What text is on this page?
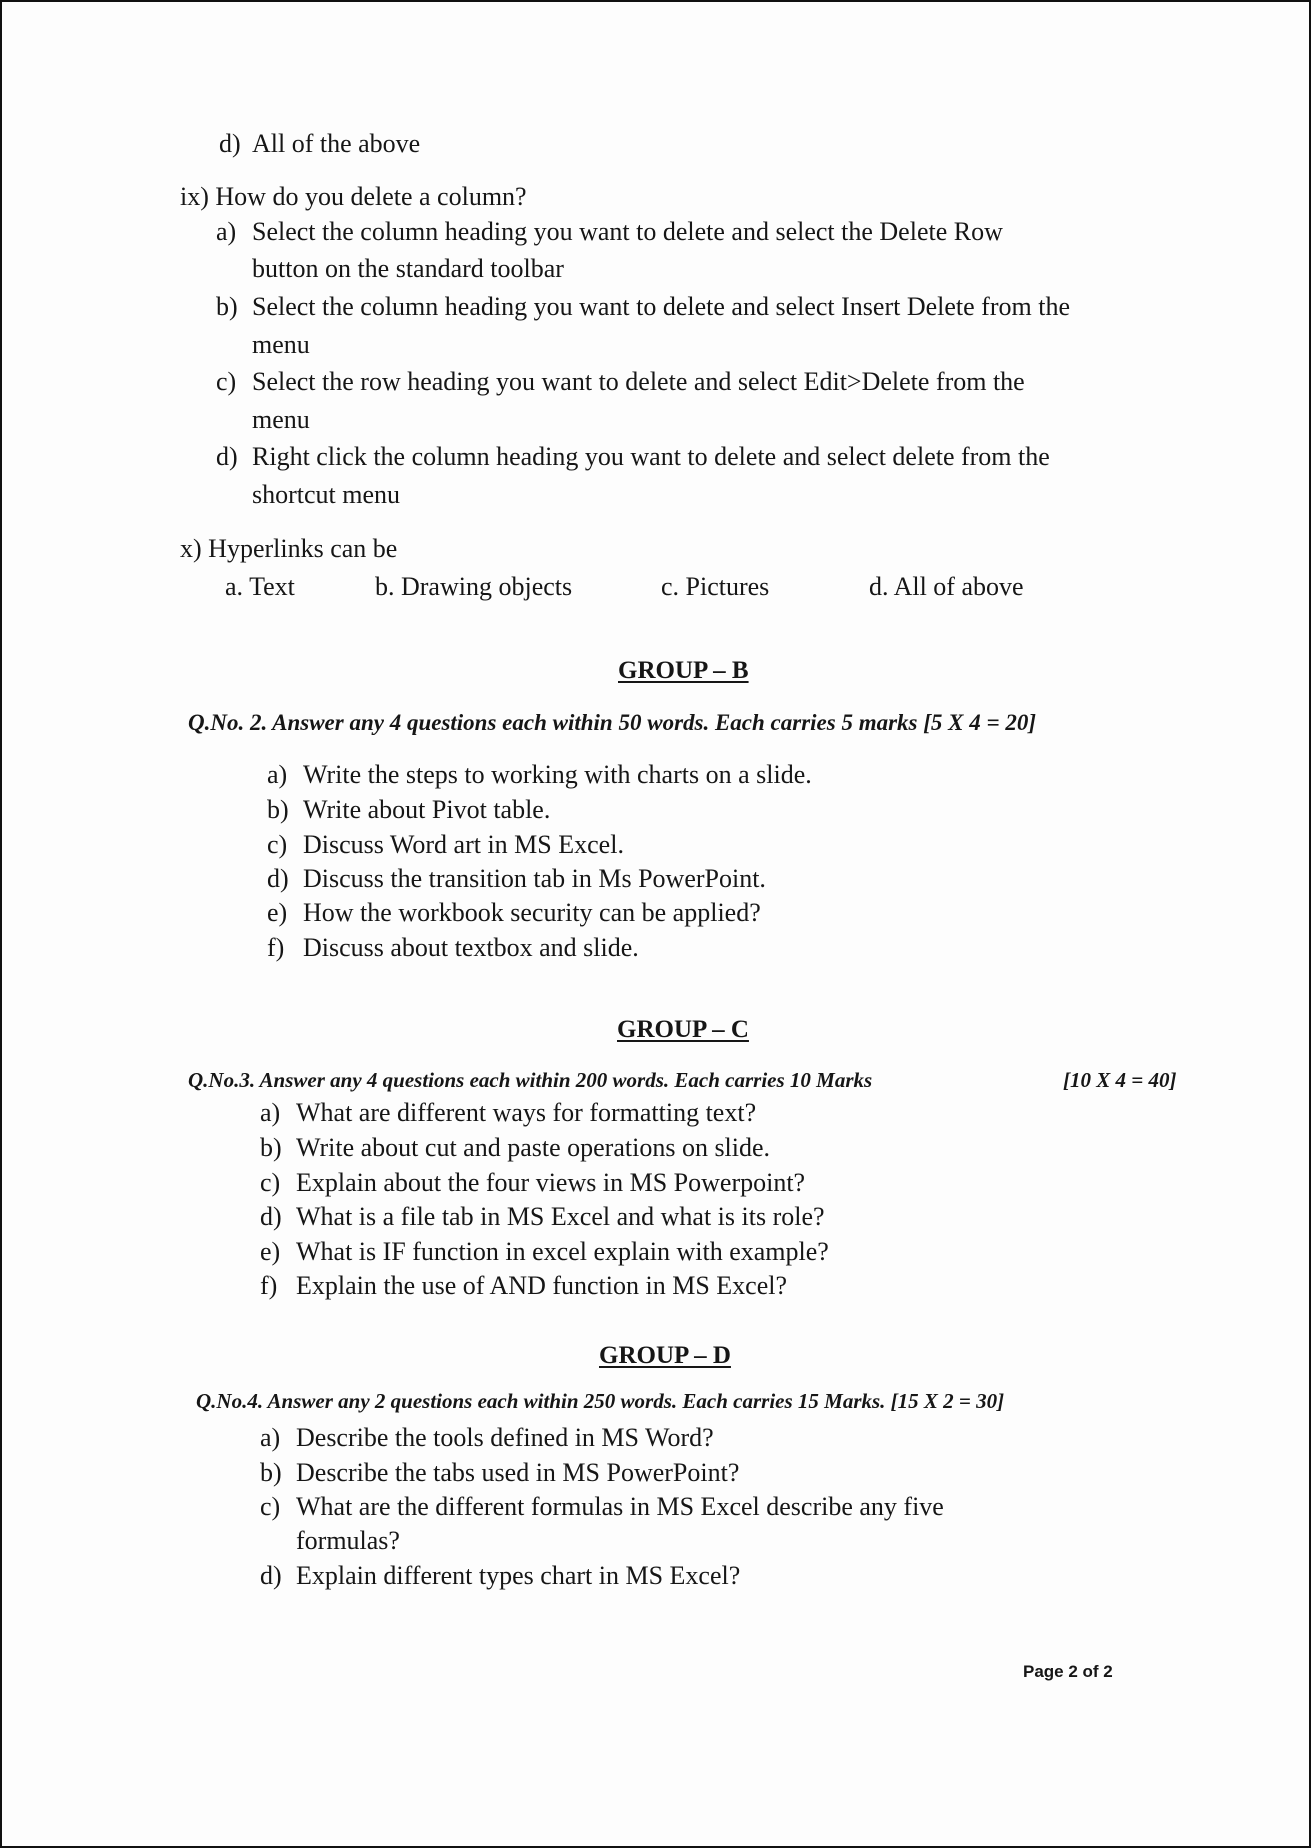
d) All of the above
ix) How do you delete a column?
a) Select the column heading you want to delete and select the Delete Row
button on the standard toolbar
b) Select the column heading you want to delete and select Insert Delete from the
menu
c) Select the row heading you want to delete and select Edit>Delete from the
menu
d) Right click the column heading you want to delete and select delete from the
shortcut menu
x) Hyperlinks can be
a. Text	b. Drawing objects	c. Pictures	d. All of above
GROUP – B
Q.No. 2. Answer any 4 questions each within 50 words. Each carries 5 marks [5 X 4 = 20]
a) Write the steps to working with charts on a slide.
b) Write about Pivot table.
c) Discuss Word art in MS Excel.
d) Discuss the transition tab in Ms PowerPoint.
e) How the workbook security can be applied?
f) Discuss about textbox and slide.
GROUP – C
Q.No.3. Answer any 4 questions each within 200 words. Each carries 10 Marks	[10 X 4 = 40]
a) What are different ways for formatting text?
b) Write about cut and paste operations on slide.
c) Explain about the four views in MS Powerpoint?
d) What is a file tab in MS Excel and what is its role?
e) What is IF function in excel explain with example?
f) Explain the use of AND function in MS Excel?
GROUP – D
Q.No.4. Answer any 2 questions each within 250 words. Each carries 15 Marks. [15 X 2 = 30]
a) Describe the tools defined in MS Word?
b) Describe the tabs used in MS PowerPoint?
c) What are the different formulas in MS Excel describe any five
formulas?
d) Explain different types chart in MS Excel?
Page 2 of 2
